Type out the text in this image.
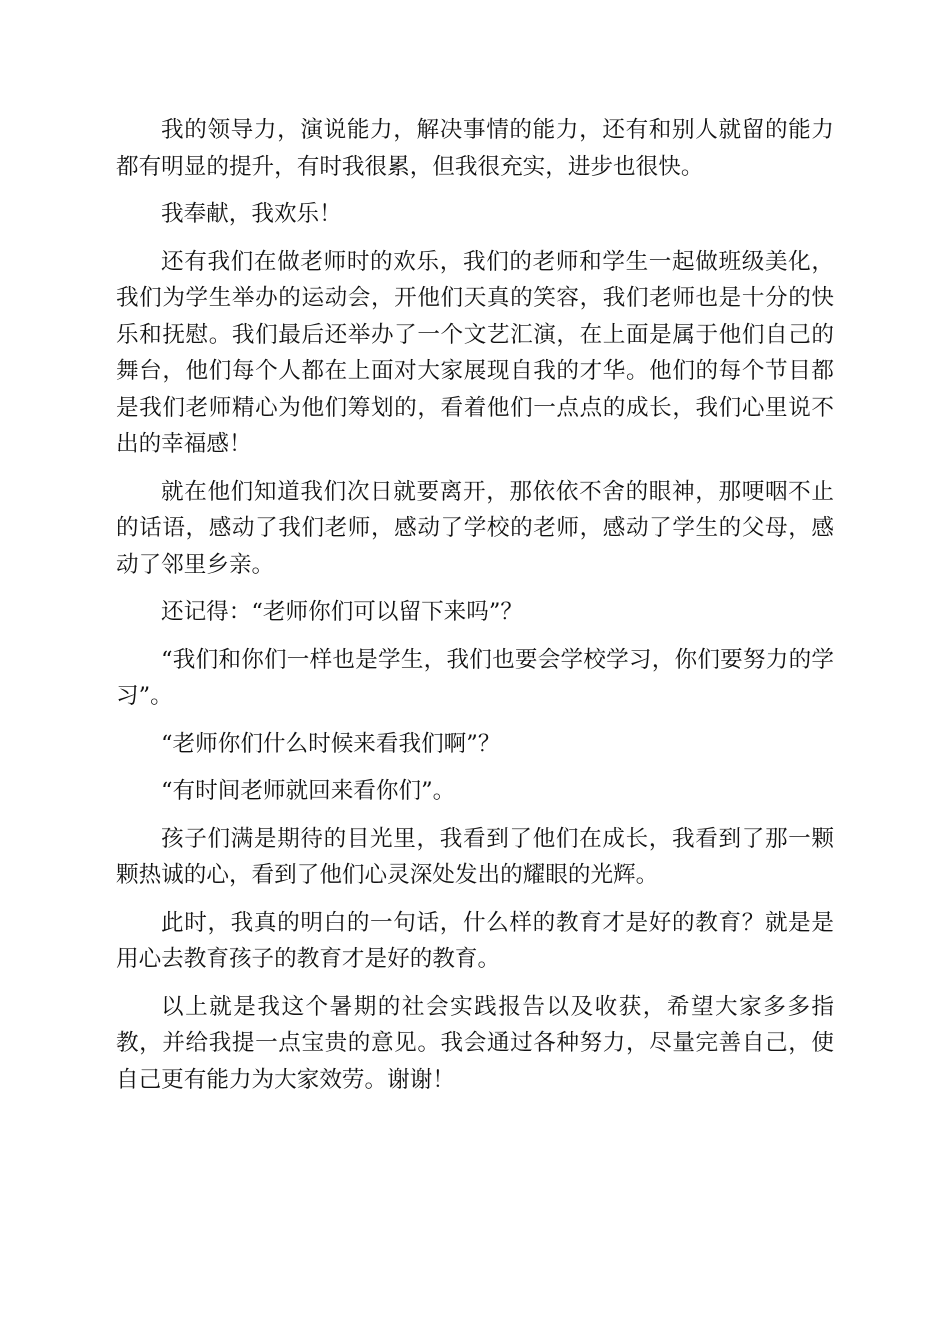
我的领导力，演说能力，解决事情的能力，还有和别人就留的能力都有明显的提升，有时我很累，但我很充实，进步也很快。

我奉献，我欢乐！

还有我们在做老师时的欢乐，我们的老师和学生一起做班级美化，我们为学生举办的运动会，开他们天真的笑容，我们老师也是十分的快乐和抚慰。我们最后还举办了一个文艺汇演，在上面是属于他们自己的舞台，他们每个人都在上面对大家展现自我的才华。他们的每个节目都是我们老师精心为他们筹划的，看着他们一点点的成长，我们心里说不出的幸福感！

就在他们知道我们次日就要离开，那依依不舍的眼神，那哽咽不止的话语，感动了我们老师，感动了学校的老师，感动了学生的父母，感动了邻里乡亲。

还记得：“老师你们可以留下来吗”？

“我们和你们一样也是学生，我们也要会学校学习，你们要努力的学习”。

“老师你们什么时候来看我们啊”？

“有时间老师就回来看你们”。

孩子们满是期待的目光里，我看到了他们在成长，我看到了那一颗颗热诚的心，看到了他们心灵深处发出的耀眼的光辉。

此时，我真的明白的一句话，什么样的教育才是好的教育？就是是用心去教育孩子的教育才是好的教育。

以上就是我这个暑期的社会实践报告以及收获，希望大家多多指教，并给我提一点宝贵的意见。我会通过各种努力，尽量完善自己，使自己更有能力为大家效劳。谢谢！
